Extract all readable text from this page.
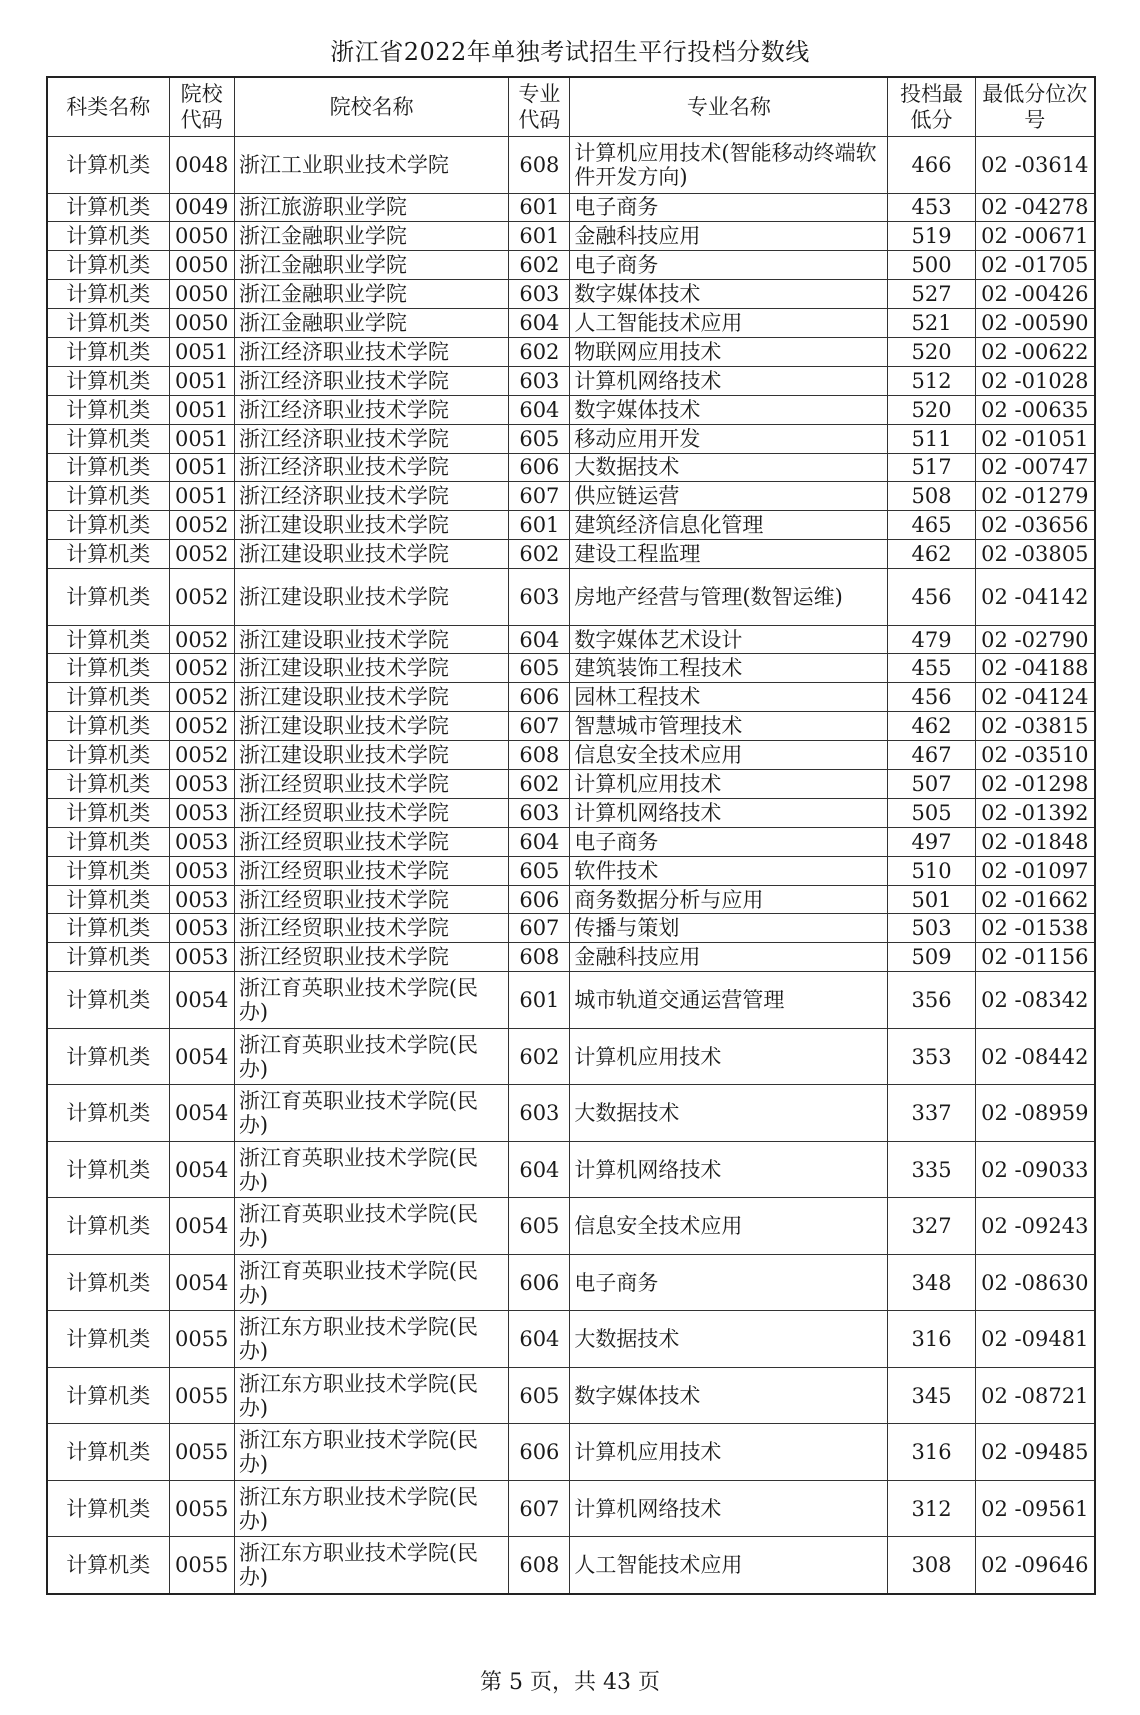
浙江省2022年单独考试招生平行投档分数线
科类名称	院校代码	院校名称	专业代码	专业名称	投档最低分	最低分位次号
计算机类	0048	浙江工业职业技术学院	608	计算机应用技术(智能移动终端软件开发方向)	466	02 -03614
计算机类	0049	浙江旅游职业学院	601	电子商务	453	02 -04278
计算机类	0050	浙江金融职业学院	601	金融科技应用	519	02 -00671
计算机类	0050	浙江金融职业学院	602	电子商务	500	02 -01705
计算机类	0050	浙江金融职业学院	603	数字媒体技术	527	02 -00426
计算机类	0050	浙江金融职业学院	604	人工智能技术应用	521	02 -00590
计算机类	0051	浙江经济职业技术学院	602	物联网应用技术	520	02 -00622
计算机类	0051	浙江经济职业技术学院	603	计算机网络技术	512	02 -01028
计算机类	0051	浙江经济职业技术学院	604	数字媒体技术	520	02 -00635
计算机类	0051	浙江经济职业技术学院	605	移动应用开发	511	02 -01051
计算机类	0051	浙江经济职业技术学院	606	大数据技术	517	02 -00747
计算机类	0051	浙江经济职业技术学院	607	供应链运营	508	02 -01279
计算机类	0052	浙江建设职业技术学院	601	建筑经济信息化管理	465	02 -03656
计算机类	0052	浙江建设职业技术学院	602	建设工程监理	462	02 -03805
计算机类	0052	浙江建设职业技术学院	603	房地产经营与管理(数智运维)	456	02 -04142
计算机类	0052	浙江建设职业技术学院	604	数字媒体艺术设计	479	02 -02790
计算机类	0052	浙江建设职业技术学院	605	建筑装饰工程技术	455	02 -04188
计算机类	0052	浙江建设职业技术学院	606	园林工程技术	456	02 -04124
计算机类	0052	浙江建设职业技术学院	607	智慧城市管理技术	462	02 -03815
计算机类	0052	浙江建设职业技术学院	608	信息安全技术应用	467	02 -03510
计算机类	0053	浙江经贸职业技术学院	602	计算机应用技术	507	02 -01298
计算机类	0053	浙江经贸职业技术学院	603	计算机网络技术	505	02 -01392
计算机类	0053	浙江经贸职业技术学院	604	电子商务	497	02 -01848
计算机类	0053	浙江经贸职业技术学院	605	软件技术	510	02 -01097
计算机类	0053	浙江经贸职业技术学院	606	商务数据分析与应用	501	02 -01662
计算机类	0053	浙江经贸职业技术学院	607	传播与策划	503	02 -01538
计算机类	0053	浙江经贸职业技术学院	608	金融科技应用	509	02 -01156
计算机类	0054	浙江育英职业技术学院(民办)	601	城市轨道交通运营管理	356	02 -08342
计算机类	0054	浙江育英职业技术学院(民办)	602	计算机应用技术	353	02 -08442
计算机类	0054	浙江育英职业技术学院(民办)	603	大数据技术	337	02 -08959
计算机类	0054	浙江育英职业技术学院(民办)	604	计算机网络技术	335	02 -09033
计算机类	0054	浙江育英职业技术学院(民办)	605	信息安全技术应用	327	02 -09243
计算机类	0054	浙江育英职业技术学院(民办)	606	电子商务	348	02 -08630
计算机类	0055	浙江东方职业技术学院(民办)	604	大数据技术	316	02 -09481
计算机类	0055	浙江东方职业技术学院(民办)	605	数字媒体技术	345	02 -08721
计算机类	0055	浙江东方职业技术学院(民办)	606	计算机应用技术	316	02 -09485
计算机类	0055	浙江东方职业技术学院(民办)	607	计算机网络技术	312	02 -09561
计算机类	0055	浙江东方职业技术学院(民办)	608	人工智能技术应用	308	02 -09646
第 5 页，共 43 页
